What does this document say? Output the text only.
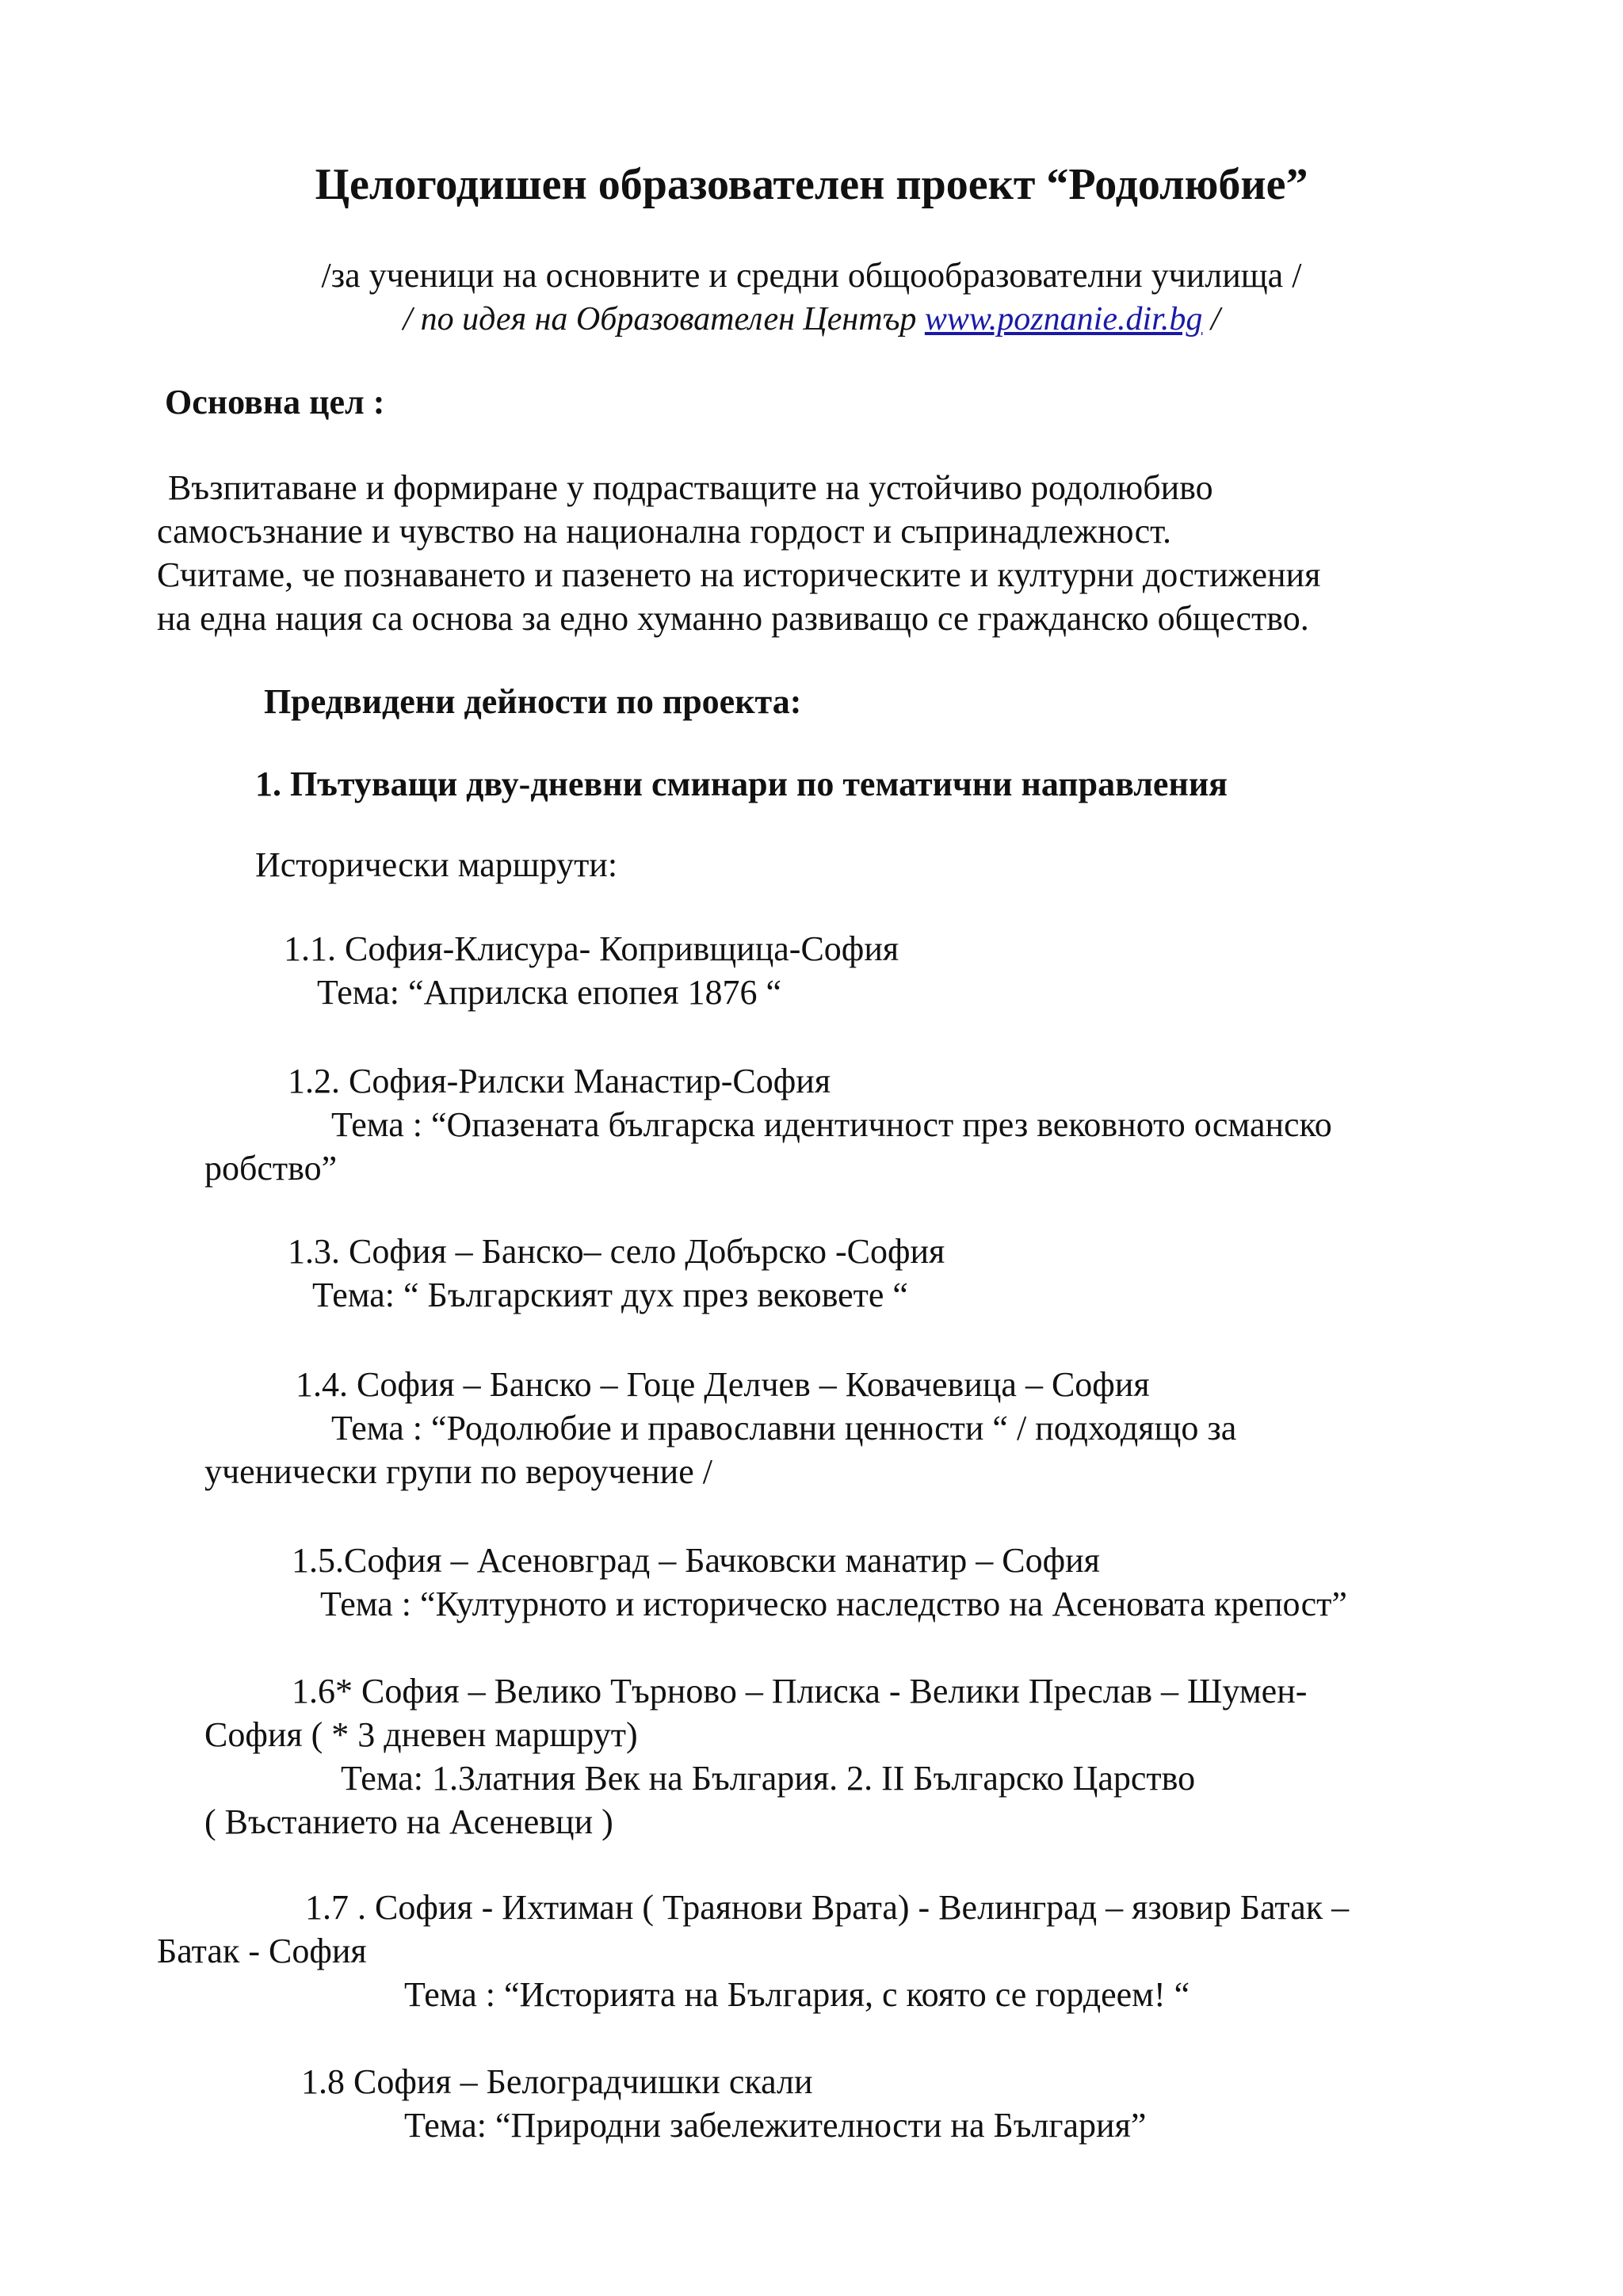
Целогодишен образователен проект “Родолюбие”
/за ученици на основните и средни общообразователни училища /
/ по идея на Образователен Център www.poznanie.dir.bg /
Основна цел :
Възпитаване и формиране у подрастващите на устойчиво родолюбиво
самосъзнание и чувство на национална гордост и съпринадлежност.
Считаме, че познаването и пазенето на историческите и културни достижения
на една нация са основа за едно хуманно развиващо се гражданско общество.
Предвидени дейности по проекта:
1. Пътуващи дву-дневни сминари по тематични направления
Исторически маршрути:
1.1. София-Клисура- Копривщица-София
Тема: “Априлска епопея 1876 “
1.2. София-Рилски Манастир-София
Тема : “Опазената българска идентичност през вековното османско
робство”
1.3. София – Банско– село Добърско -София
Тема: “ Българският дух през вековете “
1.4. София – Банско – Гоце Делчев – Ковачевица – София
Тема : “Родолюбие и православни ценности “ / подходящо за
ученически групи по вероучение /
1.5.София – Асеновград – Бачковски манатир – София
Тема : “Културното и историческо наследство на Асеновата крепост”
1.6* София – Велико Търново – Плиска - Велики Преслав – Шумен-
София ( * 3 дневен маршрут)
Тема: 1.Златния Век на България. 2. II Българско Царство
( Въстанието на Асеневци )
1.7 . София - Ихтиман ( Траянови Врата) - Велинград – язовир Батак –
Батак - София
Тема : “Историята на България, с която се гордеем! “
1.8 София – Белоградчишки скали
Тема: “Природни забележителности на България”
